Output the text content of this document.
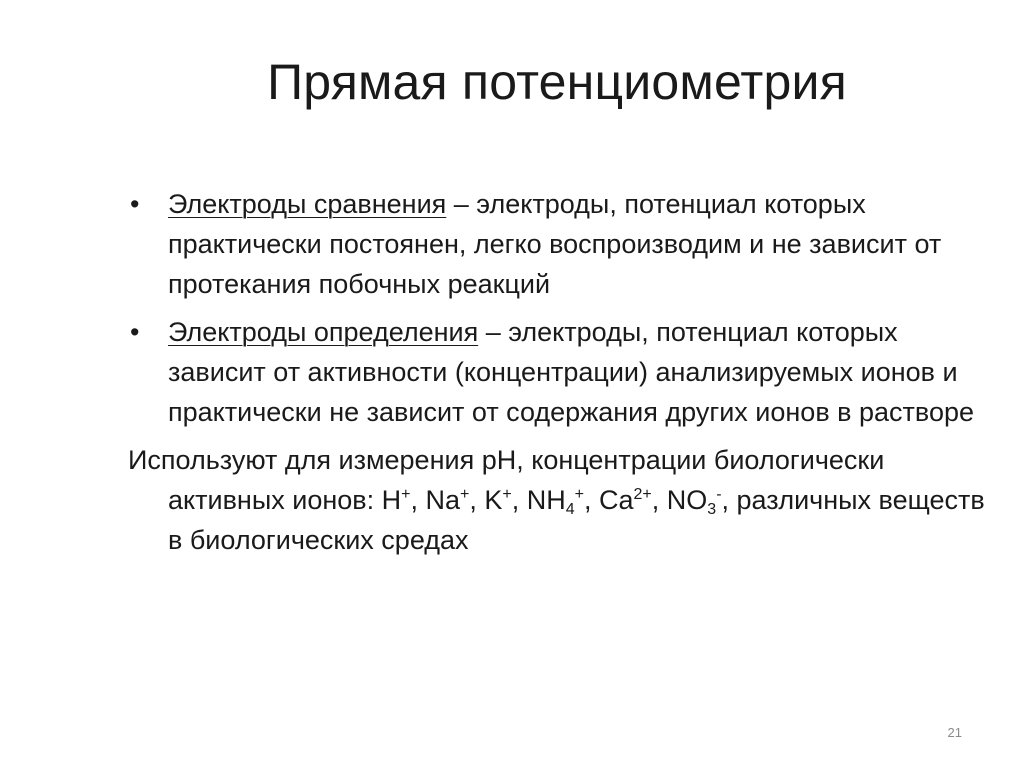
Прямая потенциометрия
• Электроды сравнения – электроды, потенциал которых практически постоянен, легко воспроизводим и не зависит от протекания побочных реакций
• Электроды определения – электроды, потенциал которых зависит от активности (концентрации) анализируемых ионов и практически не зависит от содержания других ионов в растворе

Используют для измерения pH, концентрации биологически активных ионов: H+, Na+, K+, $NH_4^+$, $Ca^{2+}$, $NO_3^-$, различных веществ в биологических средах

21
